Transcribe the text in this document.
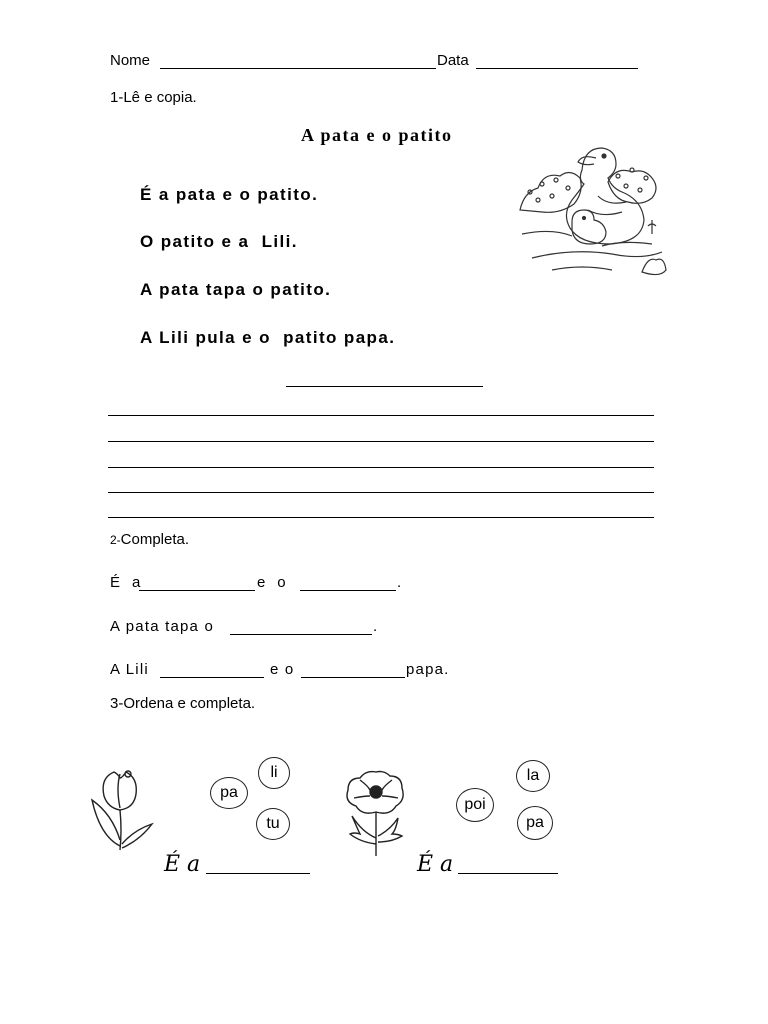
Nome	Data
1-Lê e copia.
A pata e o patito
É a pata e o patito.
O patito e a  Lili.
A pata tapa o patito.
A Lili pula e o  patito papa.
2-Completa.
É  a	e  o	.
A pata tapa o	.
A Lili	e o	papa.
3-Ordena e completa.
li
pa
tu
É a
la
poi
pa
É a
